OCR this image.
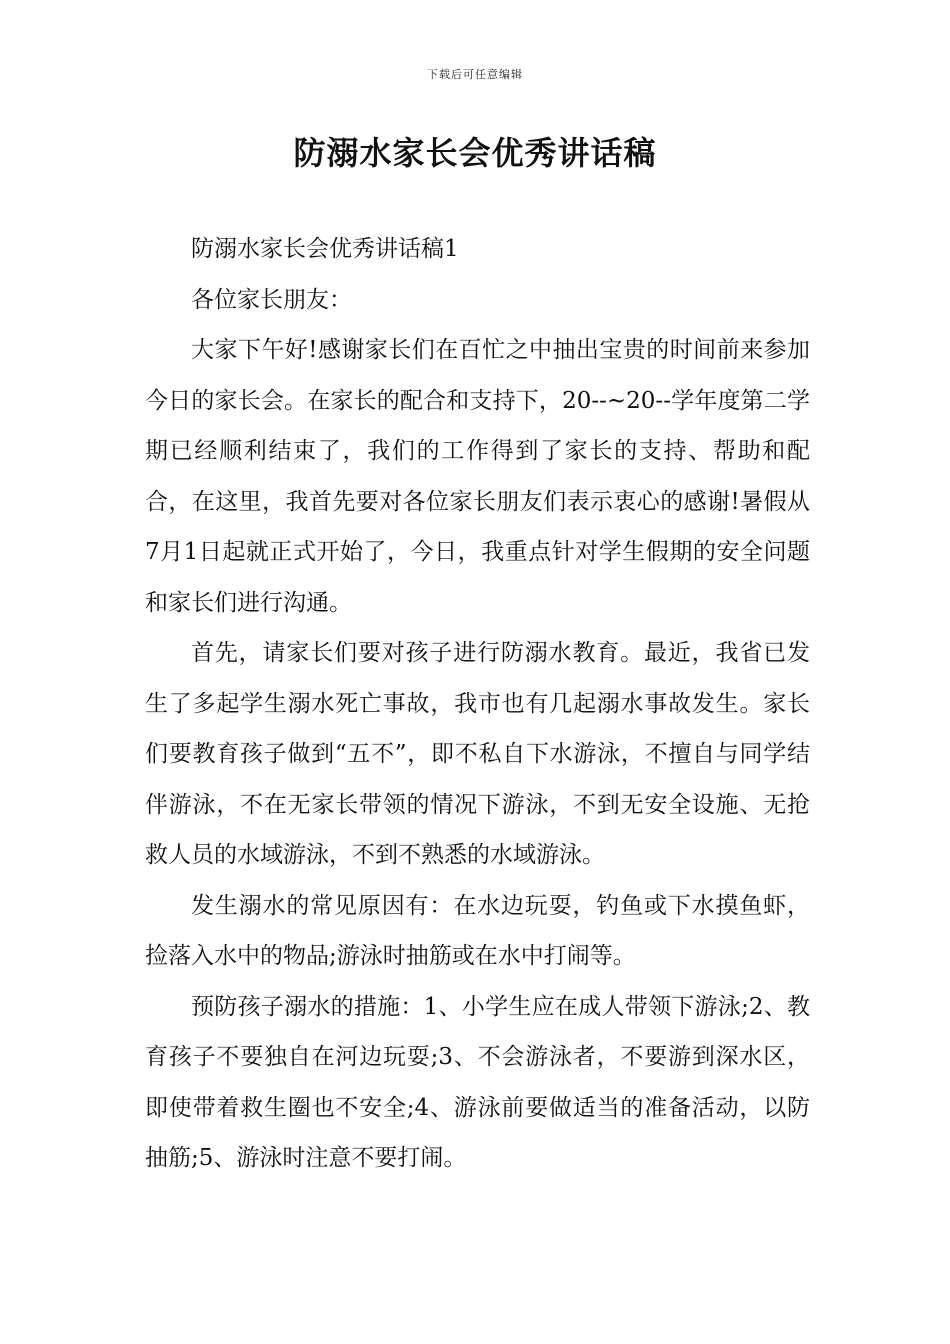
下载后可任意编辑
防溺水家长会优秀讲话稿

防溺水家长会优秀讲话稿1

各位家长朋友：

大家下午好!感谢家长们在百忙之中抽出宝贵的时间前来参加今日的家长会。在家长的配合和支持下，20--~20--学年度第二学期已经顺利结束了，我们的工作得到了家长的支持、帮助和配合，在这里，我首先要对各位家长朋友们表示衷心的感谢!暑假从7月1日起就正式开始了，今日，我重点针对学生假期的安全问题和家长们进行沟通。

首先，请家长们要对孩子进行防溺水教育。最近，我省已发生了多起学生溺水死亡事故，我市也有几起溺水事故发生。家长们要教育孩子做到“五不”，即不私自下水游泳，不擅自与同学结伴游泳，不在无家长带领的情况下游泳，不到无安全设施、无抢救人员的水域游泳，不到不熟悉的水域游泳。

发生溺水的常见原因有：在水边玩耍，钓鱼或下水摸鱼虾，捡落入水中的物品;游泳时抽筋或在水中打闹等。

预防孩子溺水的措施：1、小学生应在成人带领下游泳;2、教育孩子不要独自在河边玩耍;3、不会游泳者，不要游到深水区，即使带着救生圈也不安全;4、游泳前要做适当的准备活动，以防抽筋;5、游泳时注意不要打闹。
